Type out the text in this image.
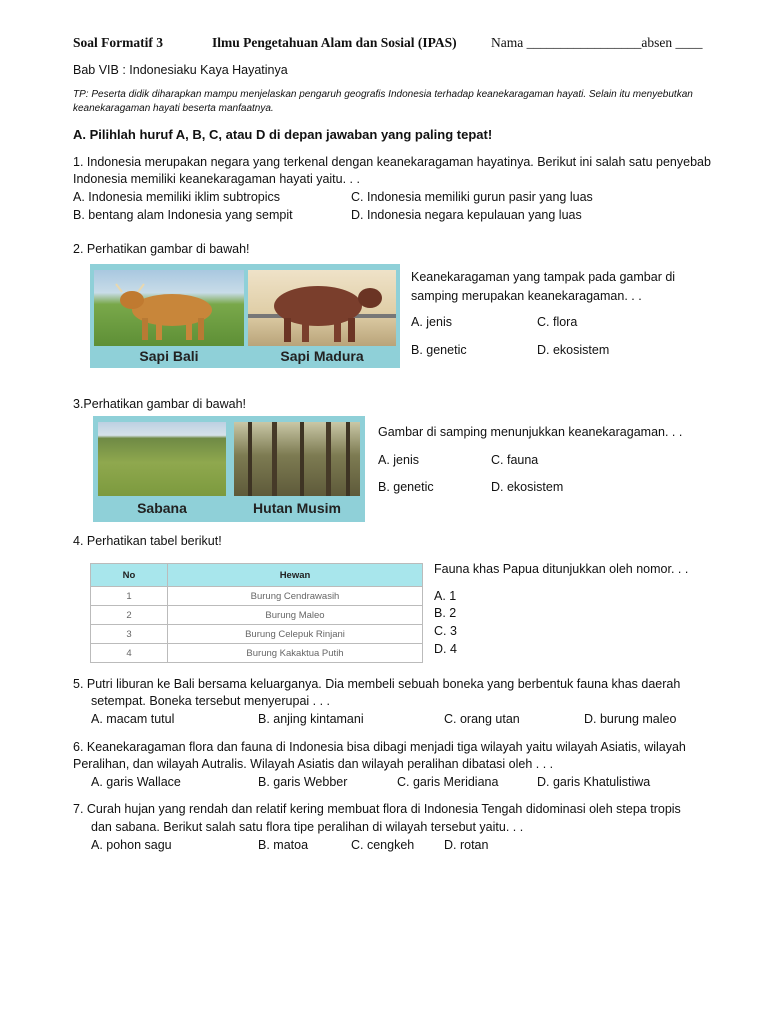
Soal Formatif 3	Ilmu Pengetahuan Alam dan Sosial (IPAS)	Nama _________________absen ____
Bab VIB : Indonesiaku Kaya Hayatinya
TP: Peserta didik diharapkan mampu menjelaskan pengaruh geografis Indonesia terhadap keanekaragaman hayati. Selain itu menyebutkan
keanekaragaman hayati beserta manfaatnya.
A. Pilihlah huruf A, B, C, atau D di depan jawaban yang paling tepat!
1. Indonesia merupakan negara yang terkenal dengan keanekaragaman hayatinya. Berikut ini salah satu penyebab
Indonesia memiliki keanekaragaman hayati yaitu. . .
A. Indonesia memiliki iklim subtropics	C. Indonesia memiliki gurun pasir yang luas
B. bentang alam Indonesia yang sempit	D. Indonesia negara kepulauan yang luas
2. Perhatikan gambar di bawah!
Sapi Bali	Sapi Madura
Keanekaragaman yang tampak pada gambar di
samping merupakan keanekaragaman. . .
A. jenis	C. flora
B. genetic	D. ekosistem
3.Perhatikan gambar di bawah!
Sabana	Hutan Musim
Gambar di samping menunjukkan keanekaragaman. . .
A. jenis	C. fauna
B. genetic	D. ekosistem
4. Perhatikan tabel berikut!
No	Hewan
1	Burung Cendrawasih
2	Burung Maleo
3	Burung Celepuk Rinjani
4	Burung Kakaktua Putih
Fauna khas Papua ditunjukkan oleh nomor. . .
A. 1
B. 2
C. 3
D. 4
5. Putri liburan ke Bali bersama keluarganya. Dia membeli sebuah boneka yang berbentuk fauna khas daerah
setempat. Boneka tersebut menyerupai . . .
A. macam tutul	B. anjing kintamani	C. orang utan	D. burung maleo
6. Keanekaragaman flora dan fauna di Indonesia bisa dibagi menjadi tiga wilayah yaitu wilayah Asiatis, wilayah
Peralihan, dan wilayah Autralis. Wilayah Asiatis dan wilayah peralihan dibatasi oleh . . .
A. garis Wallace	B. garis Webber	C. garis Meridiana	D. garis Khatulistiwa
7. Curah hujan yang rendah dan relatif kering membuat flora di Indonesia Tengah didominasi oleh stepa tropis
dan sabana. Berikut salah satu flora tipe peralihan di wilayah tersebut yaitu. . .
A. pohon sagu	B. matoa	C. cengkeh D. rotan
